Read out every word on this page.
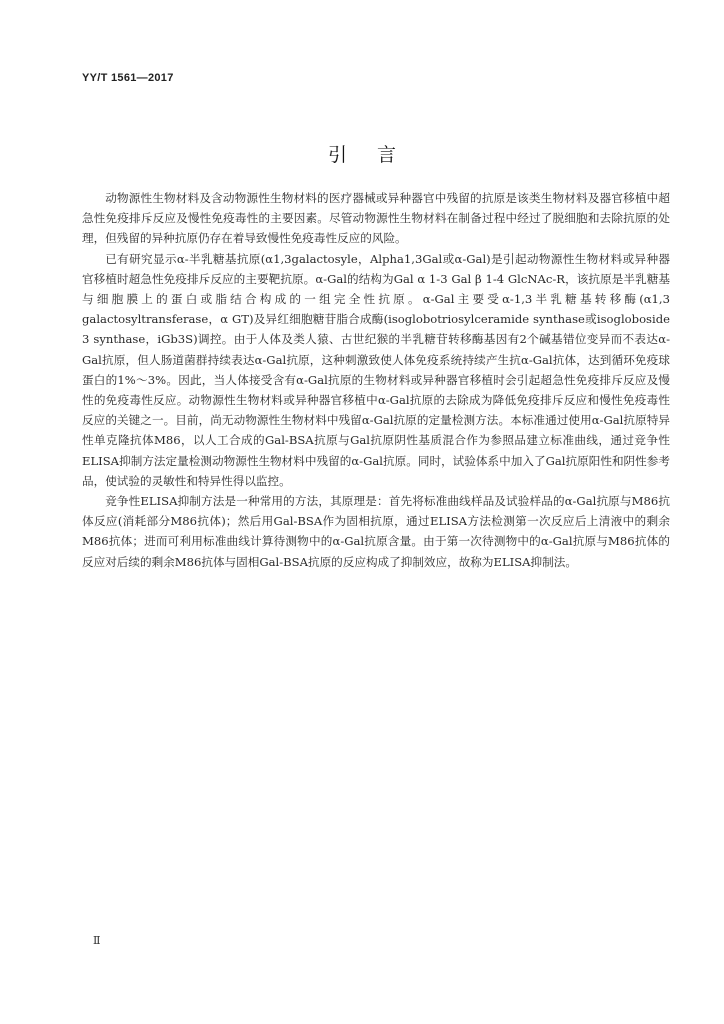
YY/T 1561—2017
引言

动物源性生物材料及含动物源性生物材料的医疗器械或异种器官中残留的抗原是该类生物材料及器官移植中超急性免疫排斥反应及慢性免疫毒性的主要因素。尽管动物源性生物材料在制备过程中经过了脱细胞和去除抗原的处理，但残留的异种抗原仍存在着导致慢性免疫毒性反应的风险。

已有研究显示α-半乳糖基抗原(α1,3galactosyle，Alpha1,3Gal或α-Gal)是引起动物源性生物材料或异种器官移植时超急性免疫排斥反应的主要靶抗原。α-Gal的结构为Gal α 1-3 Gal β 1-4 GlcNAc-R，该抗原是半乳糖基与细胞膜上的蛋白或脂结合构成的一组完全性抗原。α-Gal主要受α-1,3半乳糖基转移酶(α1,3 galactosyltransferase，α GT)及异红细胞糖苷脂合成酶(isoglobotriosylceramide synthase或isogloboside 3 synthase，iGb3S)调控。由于人体及类人猿、古世纪猴的半乳糖苷转移酶基因有2个碱基错位变异而不表达α-Gal抗原，但人肠道菌群持续表达α-Gal抗原，这种刺激致使人体免疫系统持续产生抗α-Gal抗体，达到循环免疫球蛋白的1%～3%。因此，当人体接受含有α-Gal抗原的生物材料或异种器官移植时会引起超急性免疫排斥反应及慢性的免疫毒性反应。动物源性生物材料或异种器官移植中α-Gal抗原的去除成为降低免疫排斥反应和慢性免疫毒性反应的关键之一。目前，尚无动物源性生物材料中残留α-Gal抗原的定量检测方法。本标准通过使用α-Gal抗原特异性单克隆抗体M86，以人工合成的Gal-BSA抗原与Gal抗原阴性基质混合作为参照品建立标准曲线，通过竞争性ELISA抑制方法定量检测动物源性生物材料中残留的α-Gal抗原。同时，试验体系中加入了Gal抗原阳性和阴性参考品，使试验的灵敏性和特异性得以监控。

竞争性ELISA抑制方法是一种常用的方法，其原理是：首先将标准曲线样品及试验样品的α-Gal抗原与M86抗体反应(消耗部分M86抗体)；然后用Gal-BSA作为固相抗原，通过ELISA方法检测第一次反应后上清液中的剩余M86抗体；进而可利用标准曲线计算待测物中的α-Gal抗原含量。由于第一次待测物中的α-Gal抗原与M86抗体的反应对后续的剩余M86抗体与固相Gal-BSA抗原的反应构成了抑制效应，故称为ELISA抑制法。

Ⅱ
